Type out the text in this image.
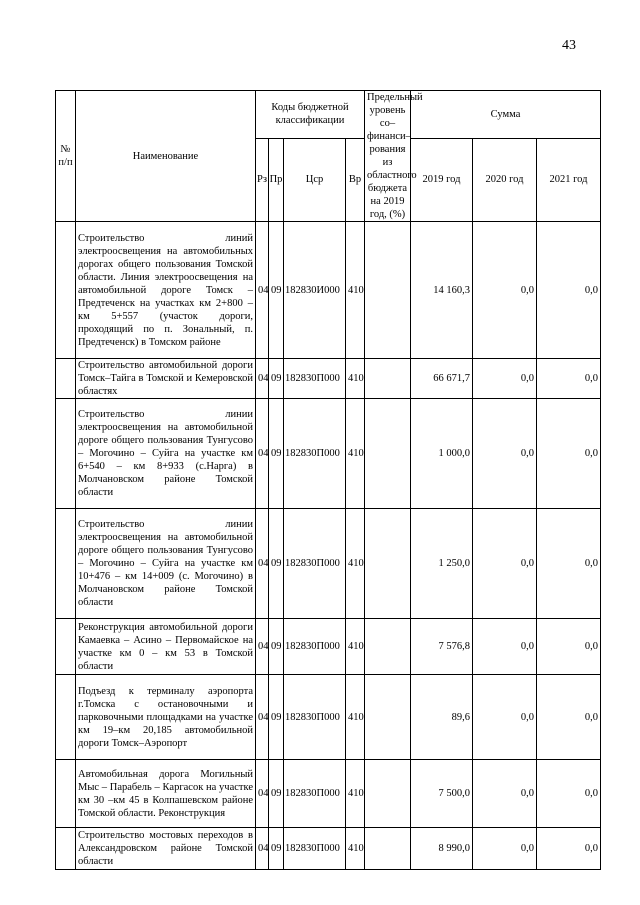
43
№ п/п	Наименование	Коды бюджетной классификации				Предельный уровень со–финанси–рования из областного бюджета на 2019 год, (%)	Сумма		
		Рз	Пр	Цср	Вр		2019 год	2020 год	2021 год
	Строительство линий электроосвещения на автомобильных дорогах общего пользования Томской области. Линия электроосвещения на автомобильной дороге Томск – Предтеченск на участках км 2+800 – км 5+557 (участок дороги, проходящий по п. Зональный, п. Предтеченск) в Томском районе	04	09	182830И000	410		14 160,3	0,0	0,0
	Строительство автомобильной дороги Томск–Тайга в Томской и Кемеровской областях	04	09	182830П000	410		66 671,7	0,0	0,0
	Строительство линии электроосвещения на автомобильной дороге общего пользования Тунгусово – Могочино – Суйга на участке км 6+540 – км 8+933 (с.Нарга) в Молчановском районе Томской области	04	09	182830П000	410		1 000,0	0,0	0,0
	Строительство линии электроосвещения на автомобильной дороге общего пользования Тунгусово – Могочино – Суйга на участке км 10+476 – км 14+009 (с. Могочино) в Молчановском районе Томской области	04	09	182830П000	410		1 250,0	0,0	0,0
	Реконструкция автомобильной дороги Камаевка – Асино – Первомайское на участке км 0 – км 53 в Томской области	04	09	182830П000	410		7 576,8	0,0	0,0
	Подъезд к терминалу аэропорта г.Томска с остановочными и парковочными площадками на участке км 19–км 20,185 автомобильной дороги Томск–Аэропорт	04	09	182830П000	410		89,6	0,0	0,0
	Автомобильная дорога Могильный Мыс – Парабель – Каргасок на участке км 30 –км 45 в Колпашевском районе Томской области. Реконструкция	04	09	182830П000	410		7 500,0	0,0	0,0
	Строительство мостовых переходов в Александровском районе Томской области	04	09	182830П000	410		8 990,0	0,0	0,0
